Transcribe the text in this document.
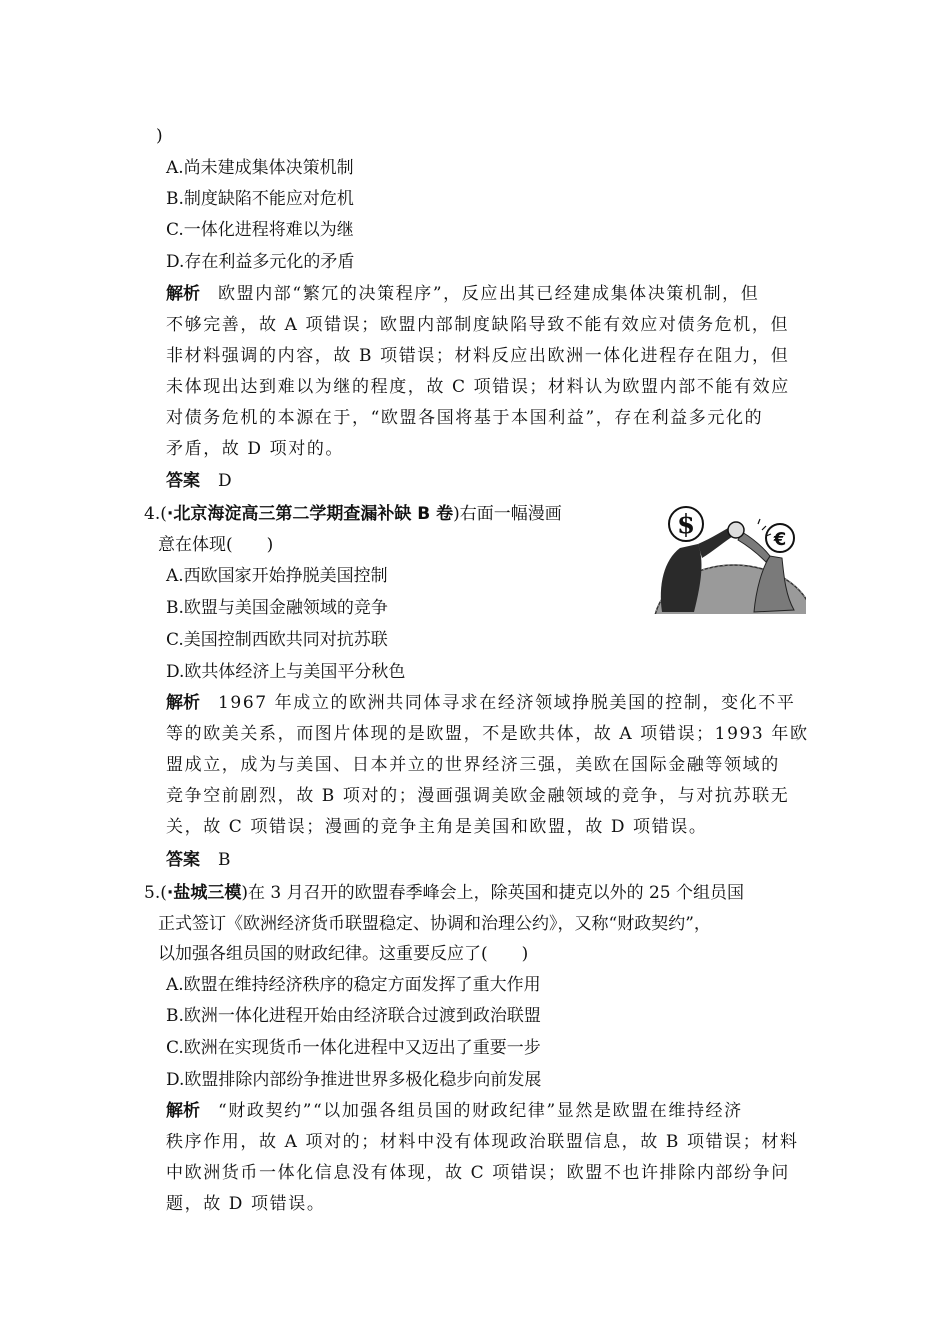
)
A.尚未建成集体决策机制
B.制度缺陷不能应对危机
C.一体化进程将难以为继
D.存在利益多元化的矛盾
解析 欧盟内部“繁冗的决策程序”，反应出其已经建成集体决策机制，但
不够完善，故 A 项错误；欧盟内部制度缺陷导致不能有效应对债务危机，但
非材料强调的内容，故 B 项错误；材料反应出欧洲一体化进程存在阻力，但
未体现出达到难以为继的程度，故 C 项错误；材料认为欧盟内部不能有效应
对债务危机的本源在于，“欧盟各国将基于本国利益”，存在利益多元化的
矛盾，故 D 项对的。
答案 D
4.(·北京海淀高三第二学期查漏补缺 B 卷)右面一幅漫画
意在体现(　　)
$	€
A.西欧国家开始挣脱美国控制
B.欧盟与美国金融领域的竞争
C.美国控制西欧共同对抗苏联
D.欧共体经济上与美国平分秋色
解析 1967 年成立的欧洲共同体寻求在经济领域挣脱美国的控制，变化不平
等的欧美关系，而图片体现的是欧盟，不是欧共体，故 A 项错误；1993 年欧
盟成立，成为与美国、日本并立的世界经济三强，美欧在国际金融等领域的
竞争空前剧烈，故 B 项对的；漫画强调美欧金融领域的竞争，与对抗苏联无
关，故 C 项错误；漫画的竞争主角是美国和欧盟，故 D 项错误。
答案 B
5.(·盐城三模)在 3 月召开的欧盟春季峰会上，除英国和捷克以外的 25 个组员国
正式签订《欧洲经济货币联盟稳定、协调和治理公约》，又称“财政契约”，
以加强各组员国的财政纪律。这重要反应了(　　)
A.欧盟在维持经济秩序的稳定方面发挥了重大作用
B.欧洲一体化进程开始由经济联合过渡到政治联盟
C.欧洲在实现货币一体化进程中又迈出了重要一步
D.欧盟排除内部纷争推进世界多极化稳步向前发展
解析 “财政契约”“以加强各组员国的财政纪律”显然是欧盟在维持经济
秩序作用，故 A 项对的；材料中没有体现政治联盟信息，故 B 项错误；材料
中欧洲货币一体化信息没有体现，故 C 项错误；欧盟不也许排除内部纷争问
题，故 D 项错误。
